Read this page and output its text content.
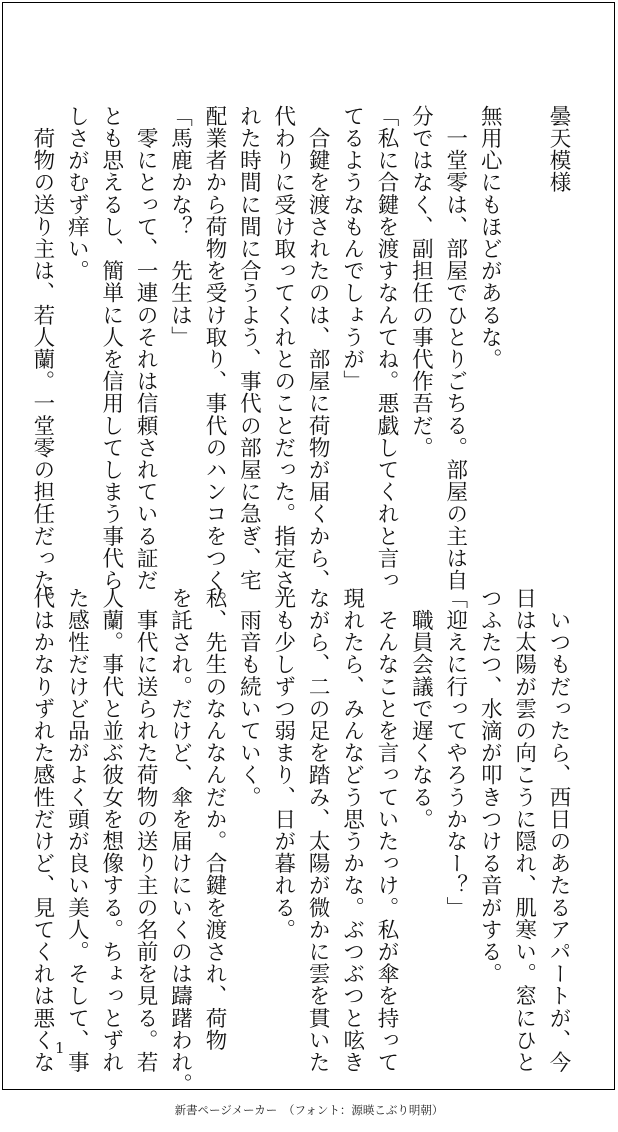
曇天模様

無用心にもほどがあるな。
　一堂零は、部屋でひとりごちる。部屋の主は自
分ではなく、副担任の事代作吾だ。
「私に合鍵を渡すなんてね。悪戯してくれと言っ
てるようなもんでしょうが」
　合鍵を渡されたのは、部屋に荷物が届くから、
代わりに受け取ってくれとのことだった。指定さ
れた時間に間に合うよう、事代の部屋に急ぎ、宅
配業者から荷物を受け取り、事代のハンコをつく。
「馬鹿かな？　先生は」
　零にとって、一連のそれは信頼されている証だ
とも思えるし、簡単に人を信用してしまう事代ら
しさがむず痒い。
　荷物の送り主は、若人蘭。一堂零の担任だった。
　いつもだったら、西日のあたるアパートが、今
日は太陽が雲の向こうに隠れ、肌寒い。窓にひと
つふたつ、水滴が叩きつける音がする。
「迎えに行ってやろうかなー？」
　職員会議で遅くなる。
　そんなことを言っていたっけ。私が傘を持って
現れたら、みんなどう思うかな。ぶつぶつと呟き
ながら、二の足を踏み、太陽が微かに雲を貫いた
光も少しずつ弱まり、日が暮れる。
　雨音も続いていく。
私、先生のなんなんだか。合鍵を渡され、荷物
を託され。だけど、傘を届けにいくのは躊躇われ。
　事代に送られた荷物の送り主の名前を見る。若
人蘭。事代と並ぶ彼女を想像する。ちょっとずれ
た感性だけど品がよく頭が良い美人。そして、事
代はかなりずれた感性だけど、見てくれは悪くな 1
新書ページメーカー　（フォント：源暎こぶり明朝）
